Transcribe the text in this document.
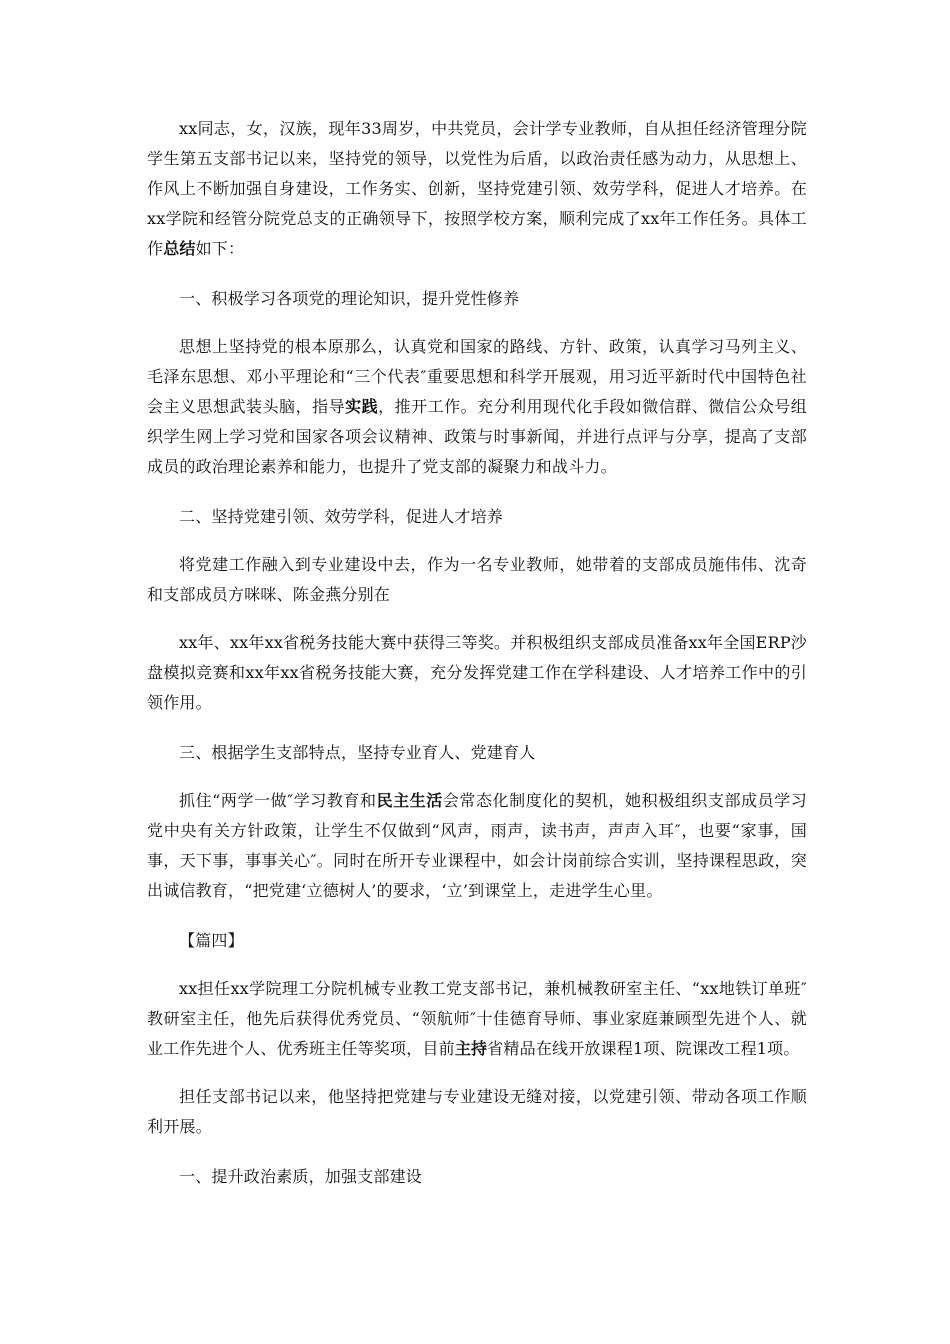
xx同志，女，汉族，现年33周岁，中共党员，会计学专业教师，自从担任经济管理分院学生第五支部书记以来，坚持党的领导，以党性为后盾，以政治责任感为动力，从思想上、作风上不断加强自身建设，工作务实、创新，坚持党建引领、效劳学科，促进人才培养。在xx学院和经管分院党总支的正确领导下，按照学校方案，顺利完成了xx年工作任务。具体工作总结如下：

一、积极学习各项党的理论知识，提升党性修养

思想上坚持党的根本原那么，认真党和国家的路线、方针、政策，认真学习马列主义、毛泽东思想、邓小平理论和“三个代表″重要思想和科学开展观，用习近平新时代中国特色社会主义思想武装头脑，指导实践，推开工作。充分利用现代化手段如微信群、微信公众号组织学生网上学习党和国家各项会议精神、政策与时事新闻，并进行点评与分享，提高了支部成员的政治理论素养和能力，也提升了党支部的凝聚力和战斗力。

二、坚持党建引领、效劳学科，促进人才培养

将党建工作融入到专业建设中去，作为一名专业教师，她带着的支部成员施伟伟、沈奇和支部成员方咪咪、陈金燕分别在

xx年、xx年xx省税务技能大赛中获得三等奖。并积极组织支部成员准备xx年全国ERP沙盘模拟竞赛和xx年xx省税务技能大赛，充分发挥党建工作在学科建设、人才培养工作中的引领作用。

三、根据学生支部特点，坚持专业育人、党建育人

抓住“两学一做″学习教育和民主生活会常态化制度化的契机，她积极组织支部成员学习党中央有关方针政策，让学生不仅做到“风声，雨声，读书声，声声入耳″，也要“家事，国事，天下事，事事关心″。同时在所开专业课程中，如会计岗前综合实训，坚持课程思政，突出诚信教育，“把党建‘立德树人’的要求，‘立’到课堂上，走进学生心里。

【篇四】

xx担任xx学院理工分院机械专业教工党支部书记，兼机械教研室主任、“xx地铁订单班″教研室主任，他先后获得优秀党员、“领航师″十佳德育导师、事业家庭兼顾型先进个人、就业工作先进个人、优秀班主任等奖项，目前主持省精品在线开放课程1项、院课改工程1项。

担任支部书记以来，他坚持把党建与专业建设无缝对接，以党建引领、带动各项工作顺利开展。

一、提升政治素质，加强支部建设
